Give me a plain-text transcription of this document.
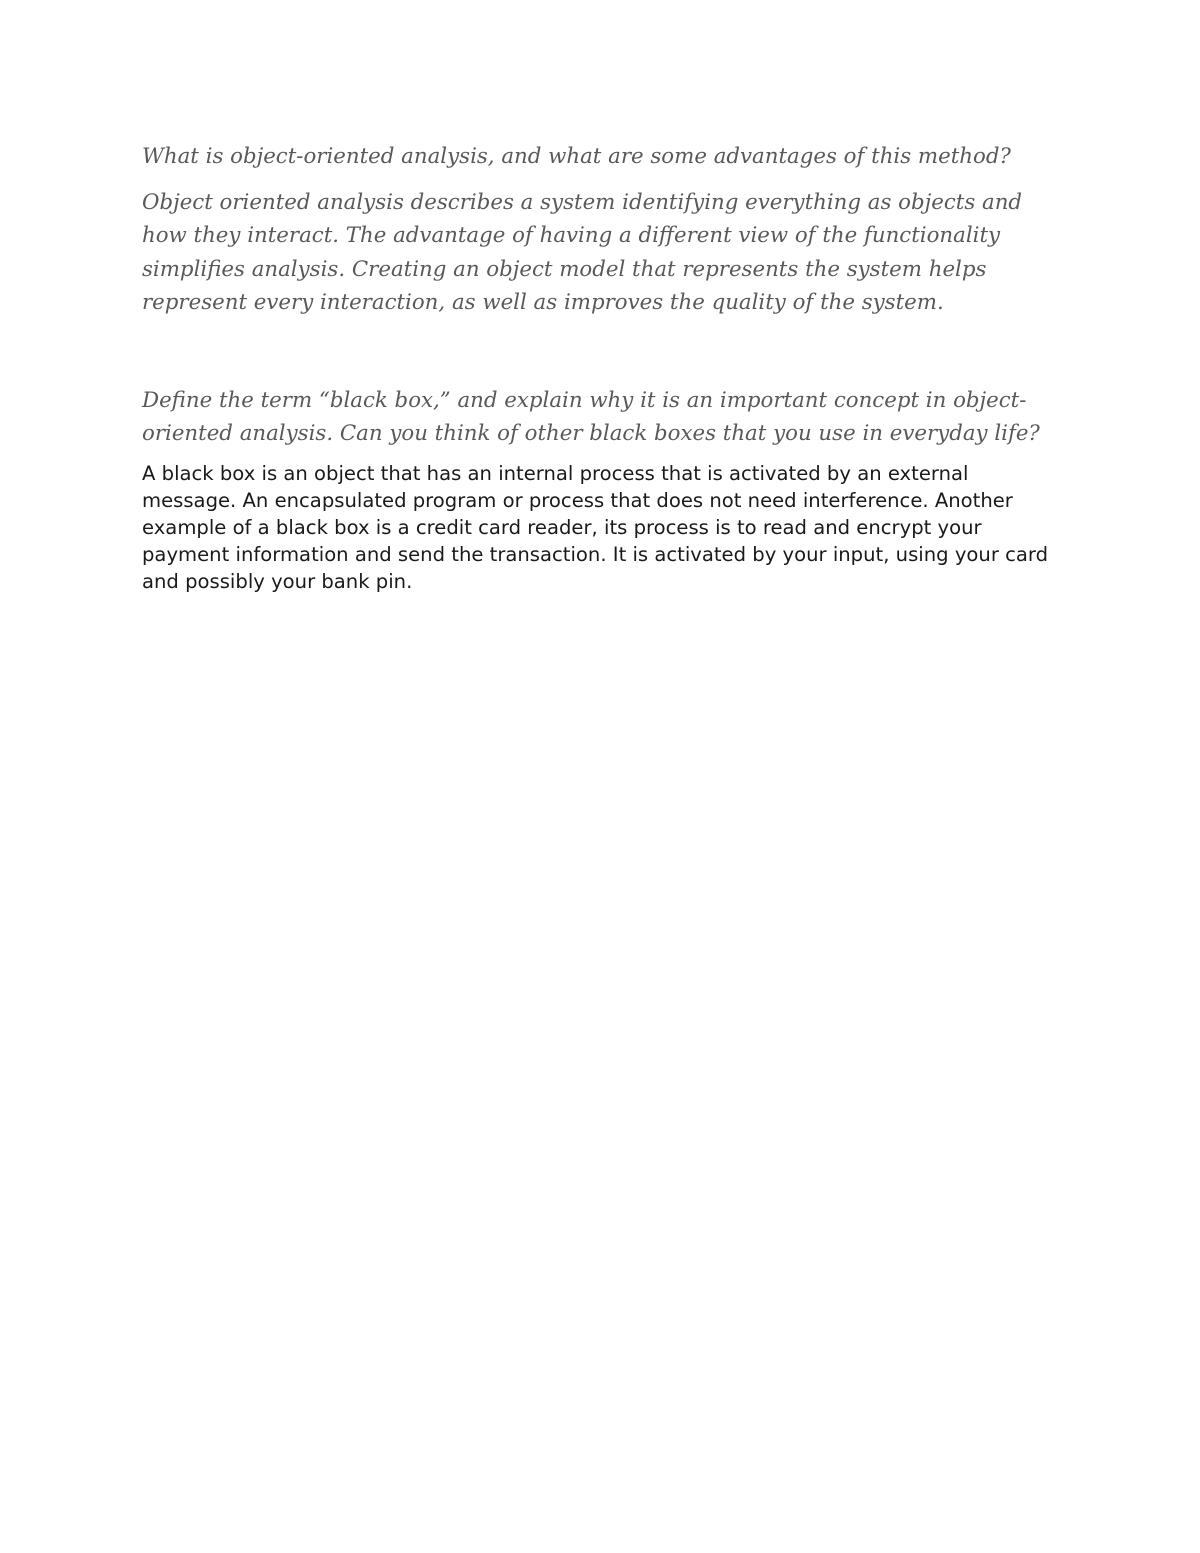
What is object-oriented analysis, and what are some advantages of this method?

Object oriented analysis describes a system identifying everything as objects and how they interact. The advantage of having a different view of the functionality simplifies analysis. Creating an object model that represents the system helps represent every interaction, as well as improves the quality of the system.

Define the term “black box,” and explain why it is an important concept in object-oriented analysis. Can you think of other black boxes that you use in everyday life?

A black box is an object that has an internal process that is activated by an external message. An encapsulated program or process that does not need interference. Another example of a black box is a credit card reader, its process is to read and encrypt your payment information and send the transaction. It is activated by your input, using your card and possibly your bank pin.
